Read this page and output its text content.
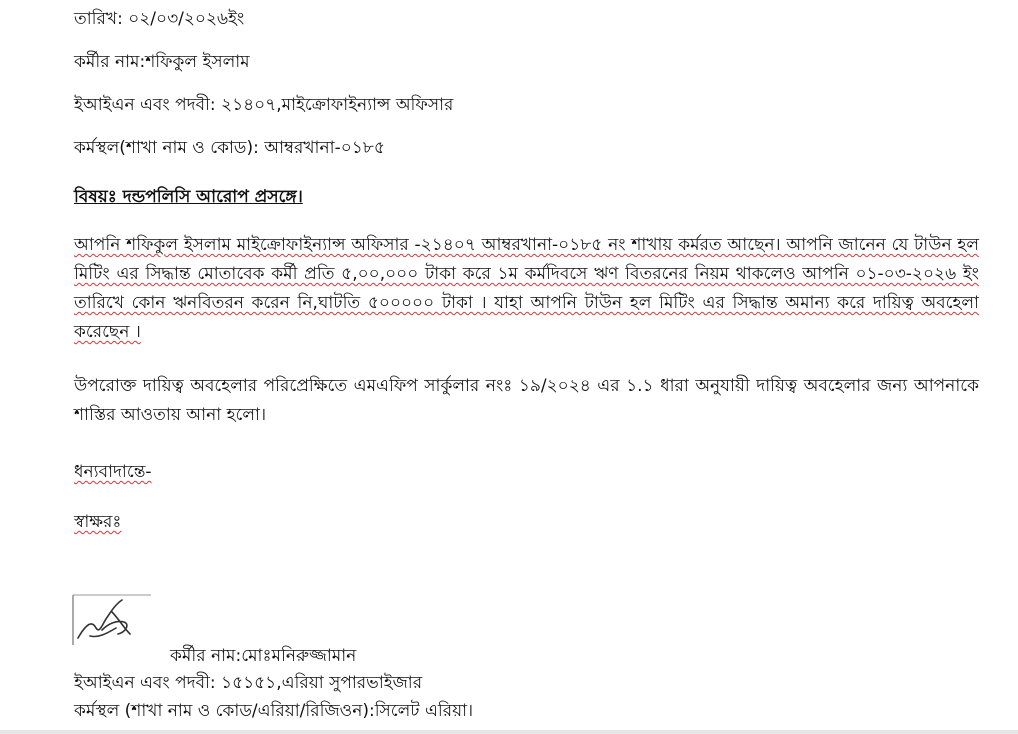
তারিখ: ০২/০৩/২০২৬ইং
কর্মীর নাম:শফিকুল ইসলাম
ইআইএন এবং পদবী: ২১৪০৭,মাইক্রোফাইন্যান্স অফিসার
কর্মস্থল(শাখা নাম ও কোড): আম্বরখানা-০১৮৫
বিষয়ঃ দন্ডপলিসি আরোপ প্রসঙ্গে।
আপনি শফিকুল ইসলাম মাইক্রোফাইন্যান্স অফিসার -২১৪০৭ আম্বরখানা-০১৮৫ নং শাখায় কর্মরত আছেন। আপনি জানেন যে টাউন হল মিটিং এর সিদ্ধান্ত মোতাবেক কর্মী প্রতি ৫,০০,০০০ টাকা করে ১ম কর্মদিবসে ঋণ বিতরনের নিয়ম থাকলেও আপনি ০১-০৩-২০২৬ ইং তারিখে কোন ঋনবিতরন করেন নি,ঘাটতি ৫০০০০০ টাকা । যাহা আপনি টাউন হল মিটিং এর সিদ্ধান্ত অমান্য করে দায়িত্ব অবহেলা করেছেন ।
উপরোক্ত দায়িত্ব অবহেলার পরিপ্রেক্ষিতে এমএফিপ সার্কুলার নংঃ ১৯/২০২৪ এর ১.১ ধারা অনুযায়ী দায়িত্ব অবহেলার জন্য আপনাকে শাস্তির আওতায় আনা হলো।
ধন্যবাদান্তে-
স্বাক্ষরঃ
কর্মীর নাম:মোঃমনিরুজ্জামান
ইআইএন এবং পদবী: ১৫১৫১,এরিয়া সুপারভাইজার
কর্মস্থল (শাখা নাম ও কোড/এরিয়া/রিজিওন):সিলেট এরিয়া।
